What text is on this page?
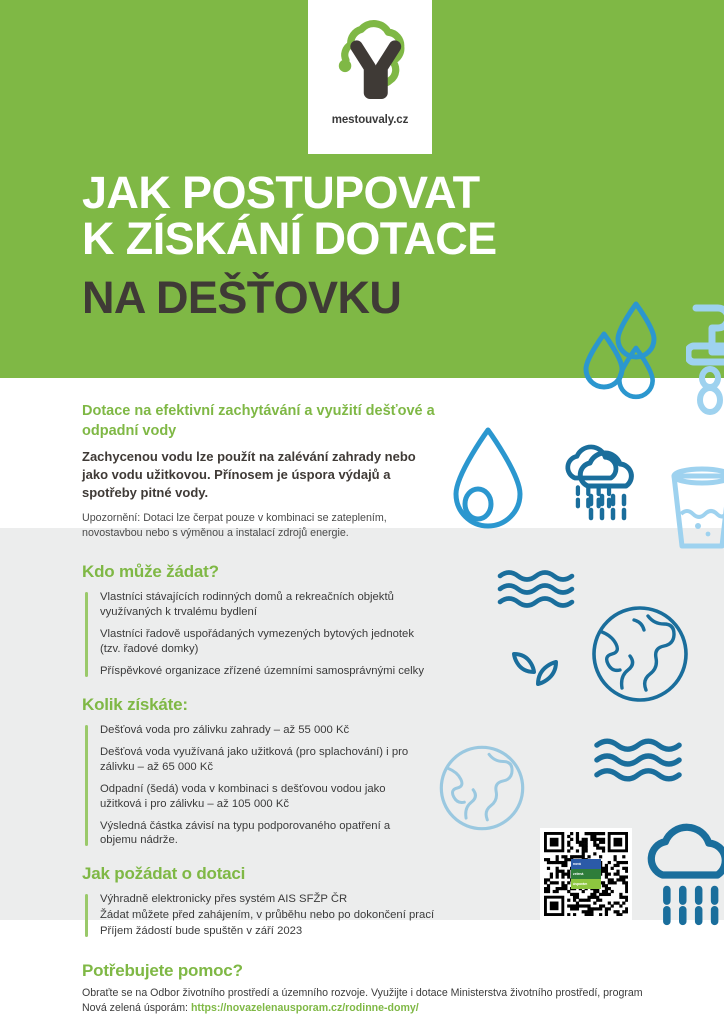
mestouvaly.cz
JAK POSTUPOVAT
K ZÍSKÁNÍ DOTACE
NA DEŠŤOVKU
Dotace na efektivní zachytávání a využití dešťové a odpadní vody
Zachycenou vodu lze použít na zalévání zahrady nebo jako vodu užitkovou. Přínosem je úspora výdajů a spotřeby pitné vody.
Upozornění: Dotaci lze čerpat pouze v kombinaci se zateplením, novostavbou nebo s výměnou a instalací zdrojů energie.
Kdo může žádat?
Vlastníci stávajících rodinných domů a rekreačních objektů využívaných k trvalému bydlení
Vlastníci řadově uspořádaných vymezených bytových jednotek (tzv. řadové domky)
Příspěvkové organizace zřízené územními samosprávnými celky
Kolik získáte:
Dešťová voda pro zálivku zahrady – až 55 000 Kč
Dešťová voda využívaná jako užitková (pro splachování) i pro zálivku – až 65 000 Kč
Odpadní (šedá) voda v kombinaci s dešťovou vodou jako užitková i pro zálivku – až 105 000 Kč
Výsledná částka závisí na typu podporovaného opatření a objemu nádrže.
Jak požádat o dotaci
Výhradně elektronicky přes systém AIS SFŽP ČR
Žádat můžete před zahájením, v průběhu nebo po dokončení prací
Příjem žádostí bude spuštěn v září 2023
Potřebujete pomoc?
Obraťte se na Odbor životního prostředí a územního rozvoje. Využijte i dotace Ministerstva životního prostředí, program Nová zelená úsporám: https://novazelenausporam.cz/rodinne-domy/
nová
zelená
úsporám
